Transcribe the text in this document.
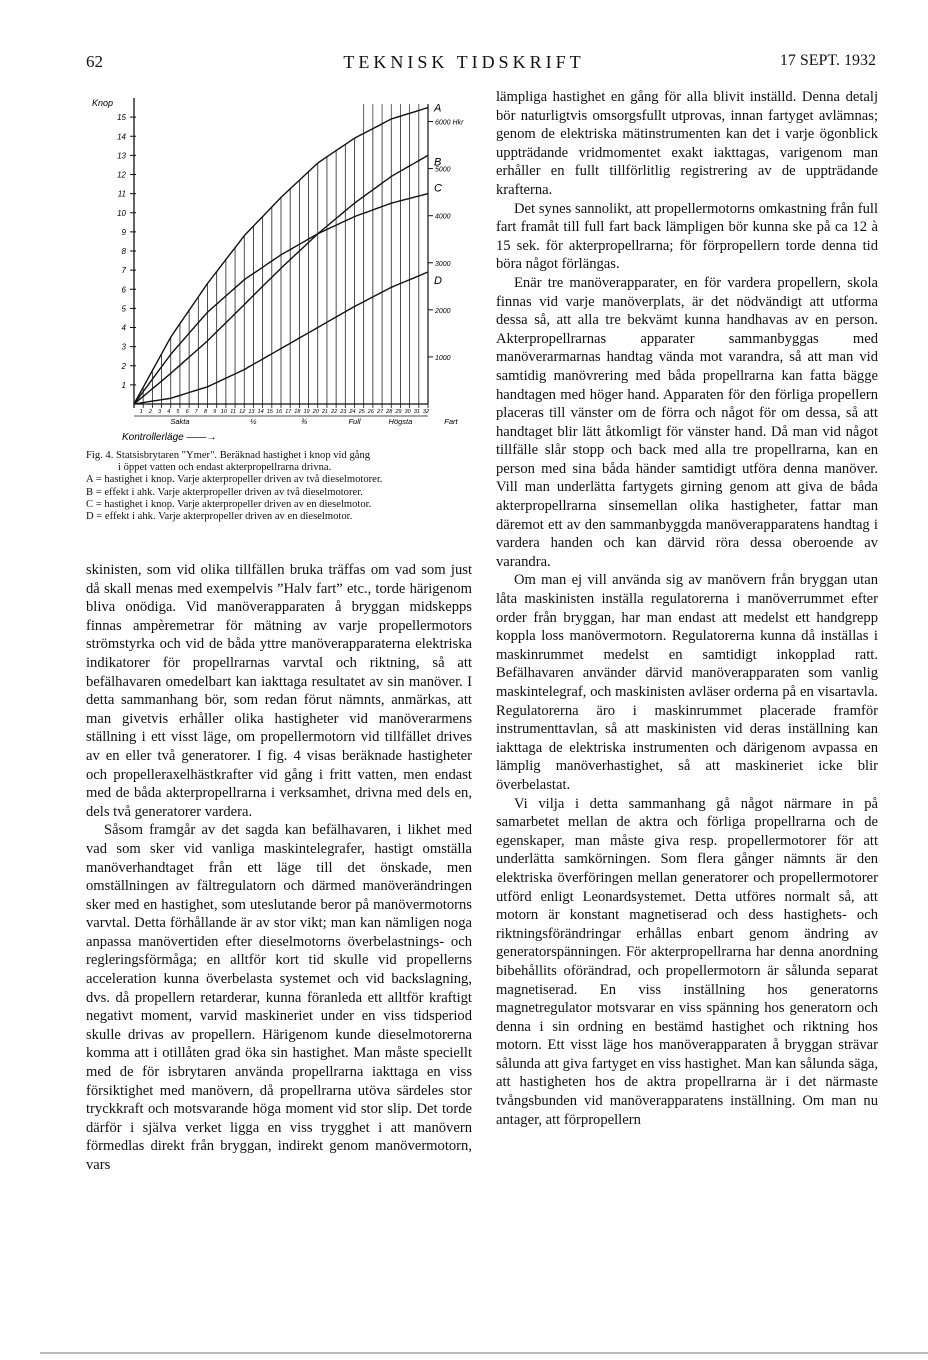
62	TEKNISK TIDSKRIFT	17 SEPT. 1932
1
2
3
4
5
6
7
8
9
10
11
12
13
14
15
Knop
1000
2000
3000
4000
5000
6000 Hkr
A
B
C
D
1 2 3 4 5 6 7 8 9 10 11 12 13 14 15 16 17 18 19 20 21 22 23 24 25 26 27 28 29 30 31 32
Sakta	½	¾	Full	Högsta	Fart
Kontrollerläge ——→
Fig. 4. Statsisbrytaren "Ymer". Beräknad hastighet i knop vid gång
i öppet vatten och endast akterpropellrarna drivna.
A = hastighet i knop. Varje akterpropeller driven av två dieselmotorer.
B = effekt i ahk. Varje akterpropeller driven av två dieselmotorer.
C = hastighet i knop. Varje akterpropeller driven av en dieselmotor.
D = effekt i ahk. Varje akterpropeller driven av en dieselmotor.

skinisten, som vid olika tillfällen bruka träffas om vad som just då skall menas med exempelvis ”Halv fart” etc., torde härigenom bliva onödiga. Vid manöverapparaten å bryggan midskepps finnas ampèremetrar för mätning av varje propellermotors strömstyrka och vid de båda yttre manöverapparaterna elektriska indikatorer för propellrarnas varvtal och riktning, så att befälhavaren omedelbart kan iakttaga resultatet av sin manöver. I detta sammanhang bör, som redan förut nämnts, anmärkas, att man givetvis erhåller olika hastigheter vid manöverarmens ställning i ett visst läge, om propellermotorn vid tillfället drives av en eller två generatorer. I fig. 4 visas beräknade hastigheter och propelleraxelhästkrafter vid gång i fritt vatten, men endast med de båda akterpropellrarna i verksamhet, drivna med dels en, dels två generatorer vardera.

Såsom framgår av det sagda kan befälhavaren, i likhet med vad som sker vid vanliga maskintelegrafer, hastigt omställa manöverhandtaget från ett läge till det önskade, men omställningen av fältregulatorn och därmed manöverändringen sker med en hastighet, som uteslutande beror på manövermotorns varvtal. Detta förhållande är av stor vikt; man kan nämligen noga anpassa manövertiden efter dieselmotorns överbelastnings- och regleringsförmåga; en alltför kort tid skulle vid propellerns acceleration kunna överbelasta systemet och vid backslagning, dvs. då propellern retarderar, kunna föranleda ett alltför kraftigt negativt moment, varvid maskineriet under en viss tidsperiod skulle drivas av propellern. Härigenom kunde dieselmotorerna komma att i otillåten grad öka sin hastighet. Man måste speciellt med de för isbrytaren använda propellrarna iakttaga en viss försiktighet med manövern, då propellrarna utöva särdeles stor tryckkraft och motsvarande höga moment vid stor slip. Det torde därför i själva verket ligga en viss trygghet i att manövern förmedlas direkt från bryggan, indirekt genom manövermotorn, vars

lämpliga hastighet en gång för alla blivit inställd. Denna detalj bör naturligtvis omsorgsfullt utprovas, innan fartyget avlämnas; genom de elektriska mätinstrumenten kan det i varje ögonblick uppträdande vridmomentet exakt iakttagas, varigenom man erhåller en fullt tillförlitlig registrering av de uppträdande krafterna.

Det synes sannolikt, att propellermotorns omkastning från full fart framåt till full fart back lämpligen bör kunna ske på ca 12 à 15 sek. för akterpropellrarna; för förpropellern torde denna tid böra något förlängas.

Enär tre manöverapparater, en för vardera propellern, skola finnas vid varje manöverplats, är det nödvändigt att utforma dessa så, att alla tre bekvämt kunna handhavas av en person. Akterpropellrarnas apparater sammanbyggas med manöverarmarnas handtag vända mot varandra, så att man vid samtidig manövrering med båda propellrarna kan fatta bägge handtagen med höger hand. Apparaten för den förliga propellern placeras till vänster om de förra och något för om dessa, så att handtaget blir lätt åtkomligt för vänster hand. Då man vid något tillfälle slår stopp och back med alla tre propellrarna, kan en person med sina båda händer samtidigt utföra denna manöver. Vill man underlätta fartygets girning genom att giva de båda akterpropellrarna sinsemellan olika hastigheter, fattar man däremot ett av den sammanbyggda manöverapparatens handtag i vardera handen och kan därvid röra dessa oberoende av varandra.

Om man ej vill använda sig av manövern från bryggan utan låta maskinisten inställa regulatorerna i manöverrummet efter order från bryggan, har man endast att medelst ett handgrepp koppla loss manövermotorn. Regulatorerna kunna då inställas i maskinrummet medelst en samtidigt inkopplad ratt. Befälhavaren använder därvid manöverapparaten som vanlig maskintelegraf, och maskinisten avläser orderna på en visartavla. Regulatorerna äro i maskinrummet placerade framför instrumenttavlan, så att maskinisten vid deras inställning kan iakttaga de elektriska instrumenten och därigenom avpassa en lämplig manöverhastighet, så att maskineriet icke blir överbelastat.

Vi vilja i detta sammanhang gå något närmare in på samarbetet mellan de aktra och förliga propellrarna och de egenskaper, man måste giva resp. propellermotorer för att underlätta samkörningen. Som flera gånger nämnts är den elektriska överföringen mellan generatorer och propellermotorer utförd enligt Leonardsystemet. Detta utföres normalt så, att motorn är konstant magnetiserad och dess hastighets- och riktningsförändringar erhållas enbart genom ändring av generatorspänningen. För akterpropellrarna har denna anordning bibehållits oförändrad, och propellermotorn är sålunda separat magnetiserad. En viss inställning hos generatorns magnetregulator motsvarar en viss spänning hos generatorn och denna i sin ordning en bestämd hastighet och riktning hos motorn. Ett visst läge hos manöverapparaten å bryggan strävar sålunda att giva fartyget en viss hastighet. Man kan sålunda säga, att hastigheten hos de aktra propellrarna är i det närmaste tvångsbunden vid manöverapparatens inställning. Om man nu antager, att förpropellern
